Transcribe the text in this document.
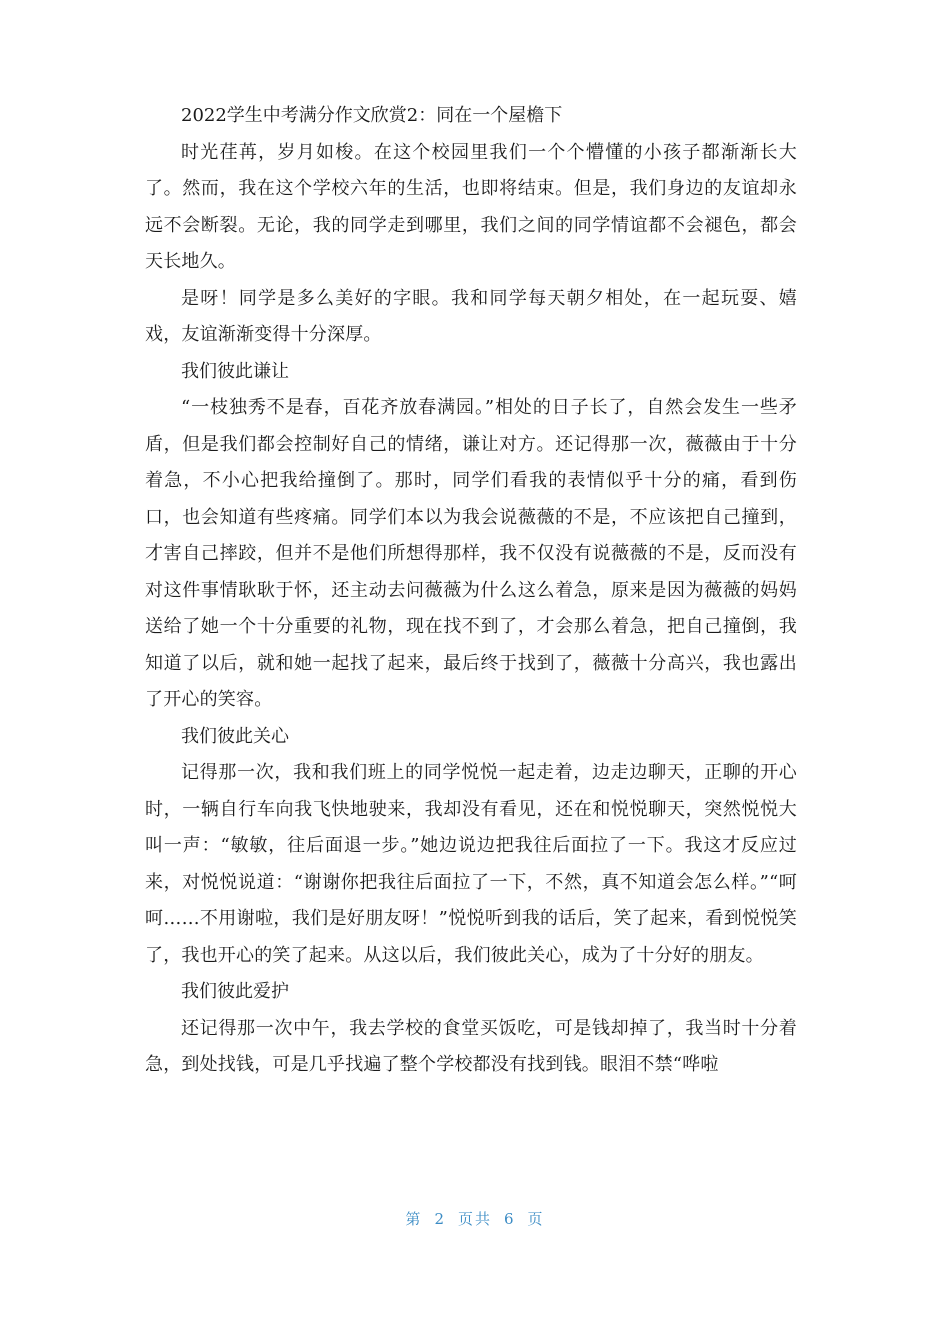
2022学生中考满分作文欣赏2：同在一个屋檐下

时光荏苒，岁月如梭。在这个校园里我们一个个懵懂的小孩子都渐渐长大了。然而，我在这个学校六年的生活，也即将结束。但是，我们身边的友谊却永远不会断裂。无论，我的同学走到哪里，我们之间的同学情谊都不会褪色，都会天长地久。

是呀！同学是多么美好的字眼。我和同学每天朝夕相处，在一起玩耍、嬉戏，友谊渐渐变得十分深厚。

我们彼此谦让

“一枝独秀不是春，百花齐放春满园。”相处的日子长了，自然会发生一些矛盾，但是我们都会控制好自己的情绪，谦让对方。还记得那一次，薇薇由于十分着急，不小心把我给撞倒了。那时，同学们看我的表情似乎十分的痛，看到伤口，也会知道有些疼痛。同学们本以为我会说薇薇的不是，不应该把自己撞到，才害自己摔跤，但并不是他们所想得那样，我不仅没有说薇薇的不是，反而没有对这件事情耿耿于怀，还主动去问薇薇为什么这么着急，原来是因为薇薇的妈妈送给了她一个十分重要的礼物，现在找不到了，才会那么着急，把自己撞倒，我知道了以后，就和她一起找了起来，最后终于找到了，薇薇十分高兴，我也露出了开心的笑容。

我们彼此关心

记得那一次，我和我们班上的同学悦悦一起走着，边走边聊天，正聊的开心时，一辆自行车向我飞快地驶来，我却没有看见，还在和悦悦聊天，突然悦悦大叫一声：“敏敏，往后面退一步。”她边说边把我往后面拉了一下。我这才反应过来，对悦悦说道：“谢谢你把我往后面拉了一下，不然，真不知道会怎么样。”“呵呵……不用谢啦，我们是好朋友呀！”悦悦听到我的话后，笑了起来，看到悦悦笑了，我也开心的笑了起来。从这以后，我们彼此关心，成为了十分好的朋友。

我们彼此爱护

还记得那一次中午，我去学校的食堂买饭吃，可是钱却掉了，我当时十分着急，到处找钱，可是几乎找遍了整个学校都没有找到钱。眼泪不禁“哗啦

第 2 页共 6 页
